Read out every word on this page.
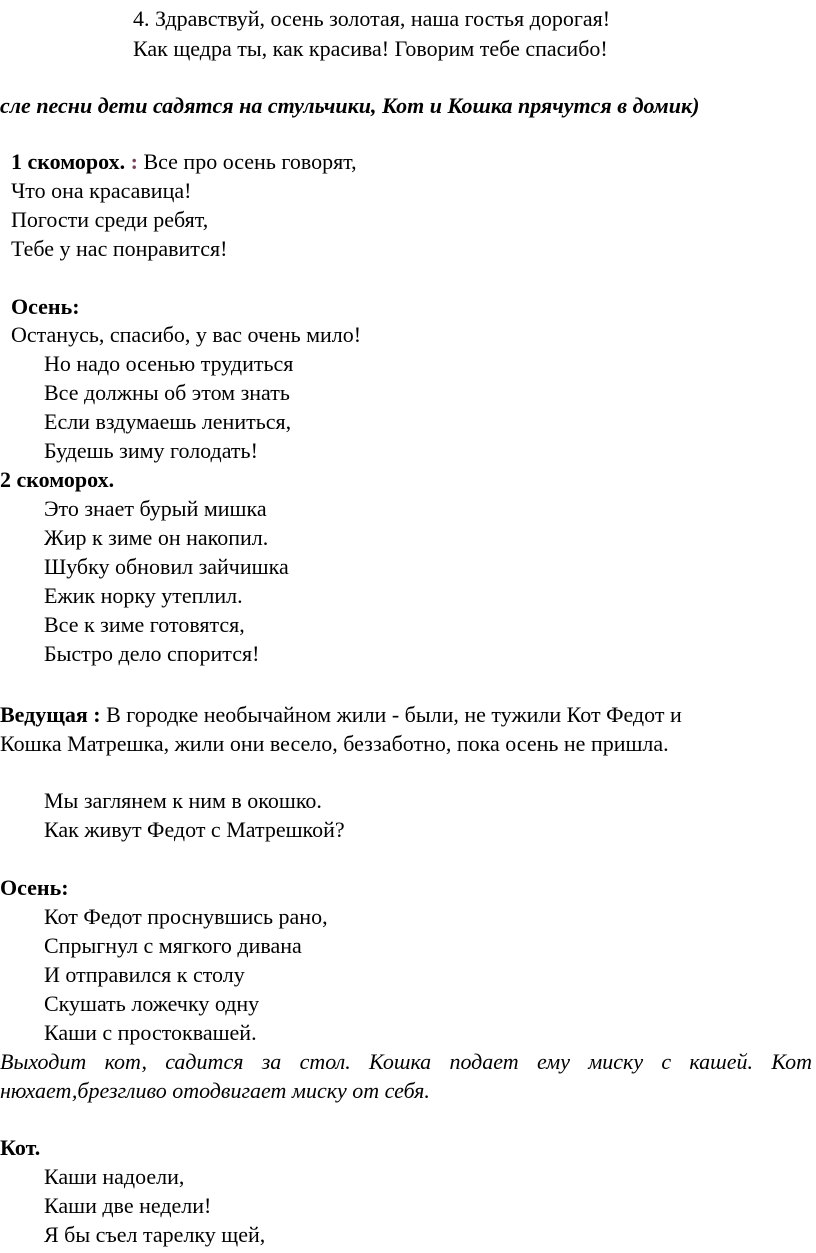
4. Здравствуй, осень золотая, наша гостья дорогая!
Как щедра ты, как красива! Говорим тебе спасибо!
сле песни дети садятся на стульчики, Кот и Кошка прячутся в домик)
1 скоморох. : Все про осень говорят,
Что она красавица!
Погости среди ребят,
Тебе у нас понравится!
Осень:
Останусь, спасибо, у вас очень мило!
Но надо осенью трудиться
Все должны об этом знать
Если вздумаешь лениться,
Будешь зиму голодать!
2 скоморох.
Это знает бурый мишка
Жир к зиме он накопил.
Шубку обновил зайчишка
Ежик норку утеплил.
Все к зиме готовятся,
Быстро дело спорится!
Ведущая : В городке необычайном жили - были, не тужили Кот Федот и
Кошка Матрешка, жили они весело, беззаботно, пока осень не пришла.
Мы заглянем к ним в окошко.
Как живут Федот с Матрешкой?
Осень:
Кот Федот проснувшись рано,
Спрыгнул с мягкого дивана
И отправился к столу
Скушать ложечку одну
Каши с простоквашей.
Выходит кот, садится за стол. Кошка подает ему миску с кашей. Кот
нюхает,брезгливо отодвигает миску от себя.
Кот.
Каши надоели,
Каши две недели!
Я бы съел тарелку щей,
